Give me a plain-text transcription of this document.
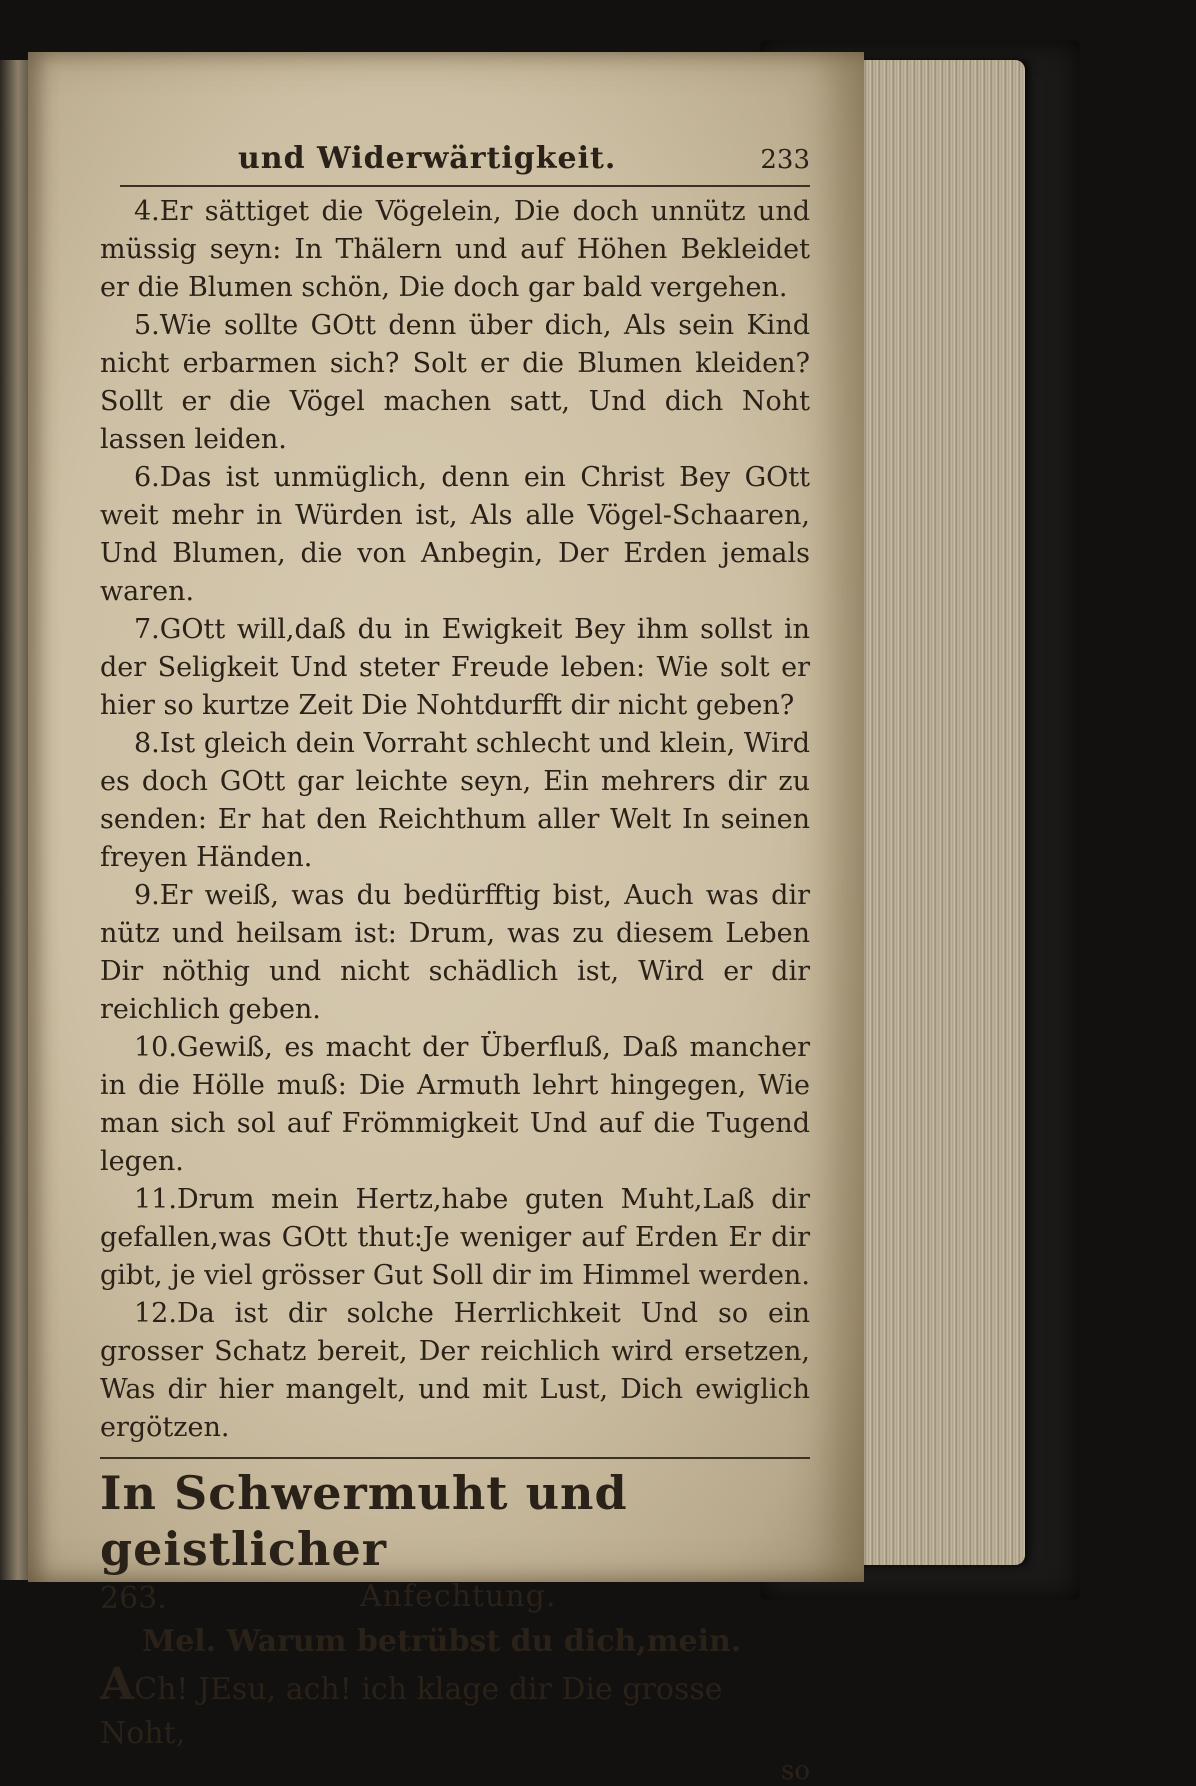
und Widerwärtigkeit.	233

4.Er sättiget die Vögelein, Die doch unnütz und müssig seyn: In Thälern und auf Höhen Bekleidet er die Blumen schön, Die doch gar bald vergehen.

5.Wie sollte GOtt denn über dich, Als sein Kind nicht erbarmen sich? Solt er die Blumen kleiden?Sollt er die Vögel machen satt, Und dich Noht lassen leiden.

6.Das ist unmüglich, denn ein Christ Bey GOtt weit mehr in Würden ist, Als alle Vögel-Schaaren, Und Blumen, die von Anbegin, Der Erden jemals waren.

7.GOtt will,daß du in Ewigkeit Bey ihm sollst in der Seligkeit Und steter Freude leben: Wie solt er hier so kurtze Zeit Die Nohtdurfft dir nicht geben?

8.Ist gleich dein Vorraht schlecht und klein, Wird es doch GOtt gar leichte seyn, Ein mehrers dir zu senden: Er hat den Reichthum aller Welt In seinen freyen Händen.

9.Er weiß, was du bedürfftig bist, Auch was dir nütz und heilsam ist: Drum, was zu diesem Leben Dir nöthig und nicht schädlich ist, Wird er dir reichlich geben.

10.Gewiß, es macht der Überfluß, Daß mancher in die Hölle muß: Die Armuth lehrt hingegen, Wie man sich sol auf Frömmigkeit Und auf die Tugend legen.

11.Drum mein Hertz,habe guten Muht,Laß dir gefallen,was GOtt thut:Je weniger auf Erden Er dir gibt, je viel grösser Gut Soll dir im Himmel werden.

12.Da ist dir solche Herrlichkeit Und so ein grosser Schatz bereit, Der reichlich wird ersetzen, Was dir hier mangelt, und mit Lust, Dich ewiglich ergötzen.

In Schwermuht und geistlicher
263.	Anfechtung.
Mel. Warum betrübst du dich,mein.
ACh! JEsu, ach! ich klage dir Die grosse Noht,
so
